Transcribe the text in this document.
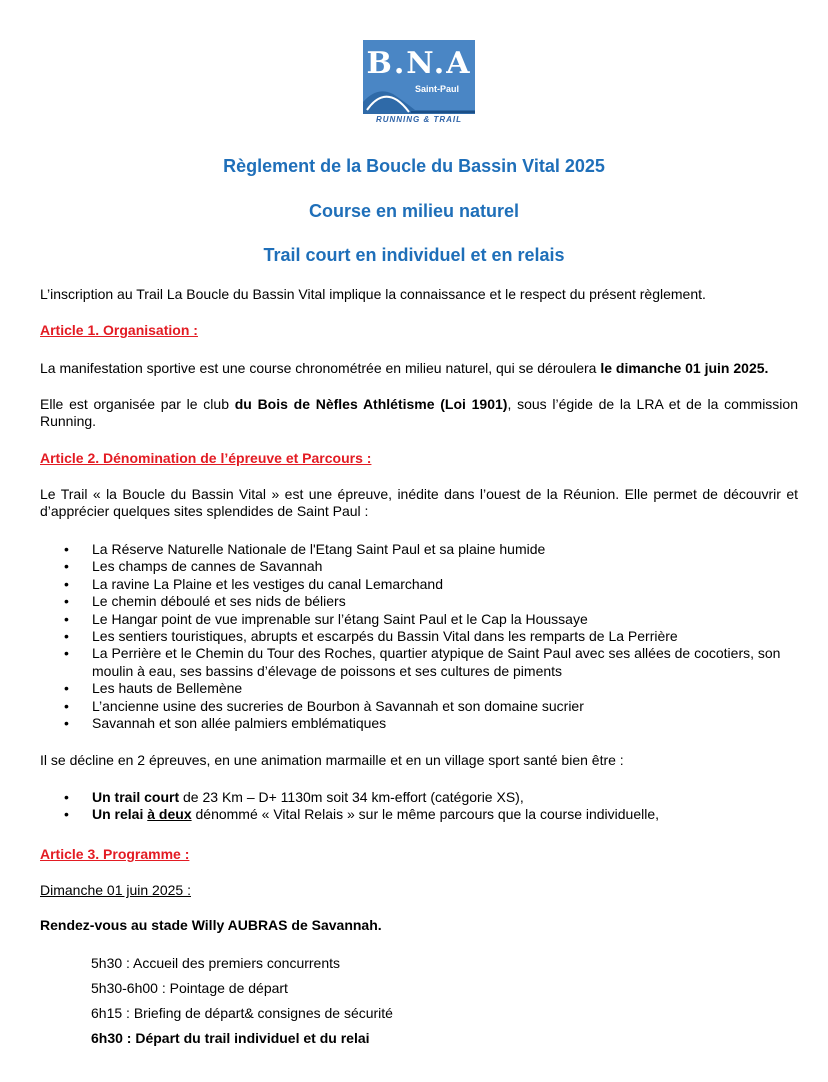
B.N.A
Saint-Paul
RUNNING & TRAIL
Règlement de la Boucle du Bassin Vital 2025
Course en milieu naturel
Trail court en individuel et en relais
L’inscription au Trail La Boucle du Bassin Vital implique la connaissance et le respect du présent règlement.
Article 1. Organisation :
La manifestation sportive est une course chronométrée en milieu naturel, qui se déroulera le dimanche 01 juin 2025.
Elle est organisée par le club du Bois de Nèfles Athlétisme (Loi 1901), sous l’égide de la LRA et de la commission Running.
Article 2. Dénomination de l’épreuve et Parcours :
Le Trail « la Boucle du Bassin Vital » est une épreuve, inédite dans l’ouest de la Réunion. Elle permet de découvrir et d’apprécier quelques sites splendides de Saint Paul :
• La Réserve Naturelle Nationale de l'Etang Saint Paul et sa plaine humide
• Les champs de cannes de Savannah
• La ravine La Plaine et les vestiges du canal Lemarchand
• Le chemin déboulé et ses nids de béliers
• Le Hangar point de vue imprenable sur l’étang Saint Paul et le Cap la Houssaye
• Les sentiers touristiques, abrupts et escarpés du Bassin Vital dans les remparts de La Perrière
• La Perrière et le Chemin du Tour des Roches, quartier atypique de Saint Paul avec ses allées de cocotiers, son moulin à eau, ses bassins d’élevage de poissons et ses cultures de piments
• Les hauts de Bellemène
• L’ancienne usine des sucreries de Bourbon à Savannah et son domaine sucrier
• Savannah et son allée palmiers emblématiques
Il se décline en 2 épreuves, en une animation marmaille et en un village sport santé bien être :
• Un trail court de 23 Km – D+ 1130m soit 34 km-effort (catégorie XS),
• Un relai à deux dénommé « Vital Relais » sur le même parcours que la course individuelle,
Article 3. Programme :
Dimanche 01 juin 2025 :
Rendez-vous au stade Willy AUBRAS de Savannah.
5h30 : Accueil des premiers concurrents
5h30-6h00 : Pointage de départ
6h15 : Briefing de départ& consignes de sécurité
6h30 : Départ du trail individuel et du relai
